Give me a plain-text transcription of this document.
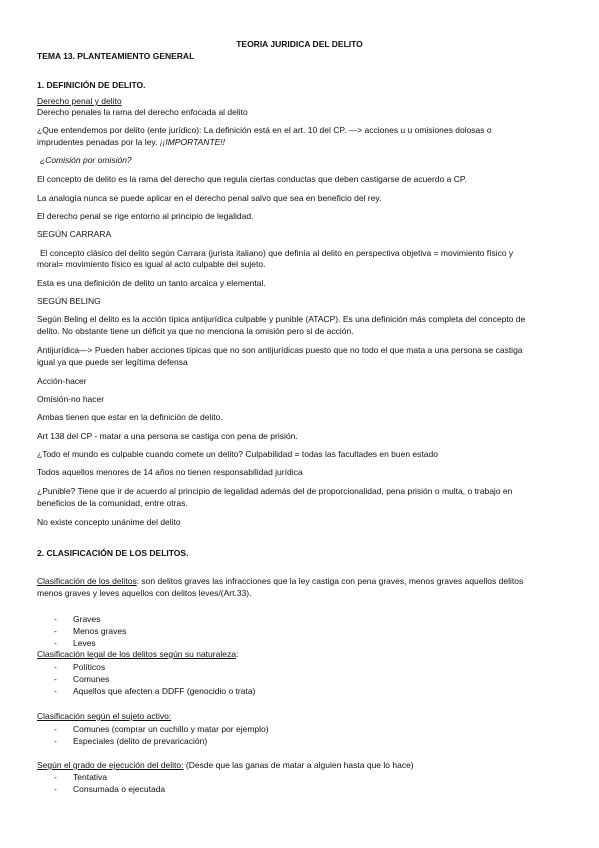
TEORIA JURIDICA DEL DELITO
TEMA 13. PLANTEAMIENTO GENERAL
1. DEFINICIÓN DE DELITO.
Derecho penal y delito
Derecho penales la rama del derecho enfocada al delito
¿Que entendemos por delito (ente jurídico): La definición está en el art. 10 del CP. —> acciones u u omisiones dolosas o
imprudentes penadas por la ley. ¡¡IMPORTANTE!!
¿Comisión por omisión?
El concepto de delito es la rama del derecho que regula ciertas conductas que deben castigarse de acuerdo a CP.
La analogía nunca se puede aplicar en el derecho penal salvo que sea en beneficio del rey.
El derecho penal se rige entorno al principio de legalidad.
SEGÚN CARRARA
El concepto clásico del delito según Carrara (jurista italiano) que definía al delito en perspectiva objetiva = movimiento físico y
moral= movimiento físico es igual al acto culpable del sujeto.
Esta es una definición de delito un tanto arcaica y elemental.
SEGÚN BELING
Según Beling el delito es la acción típica antijurídica culpable y punible (ATACP). Es una definición más completa del concepto de
delito. No obstante tiene un déficit ya que no menciona la omisión pero si de acción.
Antijurídica—> Pueden haber acciones típicas que no son antijurídicas puesto que no todo el que mata a una persona se castiga
igual ya que puede ser legítima defensa
Acción-hacer
Omisión-no hacer
Ambas tienen que estar en la definición de delito.
Art 138 del CP - matar a una persona se castiga con pena de prisión.
¿Todo el mundo es culpable cuando comete un delito? Culpabilidad = todas las facultades en buen estado
Todos aquellos menores de 14 años no tienen responsabilidad jurídica
¿Punible? Tiene que ir de acuerdo al principio de legalidad además del de proporcionalidad, pena prisión o multa, o trabajo en
beneficios de la comunidad, entre otras.
No existe concepto unánime del delito
2. CLASIFICACIÓN DE LOS DELITOS.
Clasificación de los delitos: son delitos graves las infracciones que la ley castiga con pena graves, menos graves aquellos delitos
menos graves y leves aquellos con delitos leves/(Art.33).
- Graves
- Menos graves
- Leves
Clasificación legal de los delitos según su naturaleza:
- Políticos
- Comunes
- Aquellos que afecten a DDFF (genocidio o trata)
Clasificación según el sujeto activo:
- Comunes (comprar un cuchillo y matar por ejemplo)
- Especiales (delito de prevaricación)
Según el grado de ejecución del delito: (Desde que las ganas de matar a alguien hasta que lo hace)
- Tentativa
- Consumada o ejecutada
